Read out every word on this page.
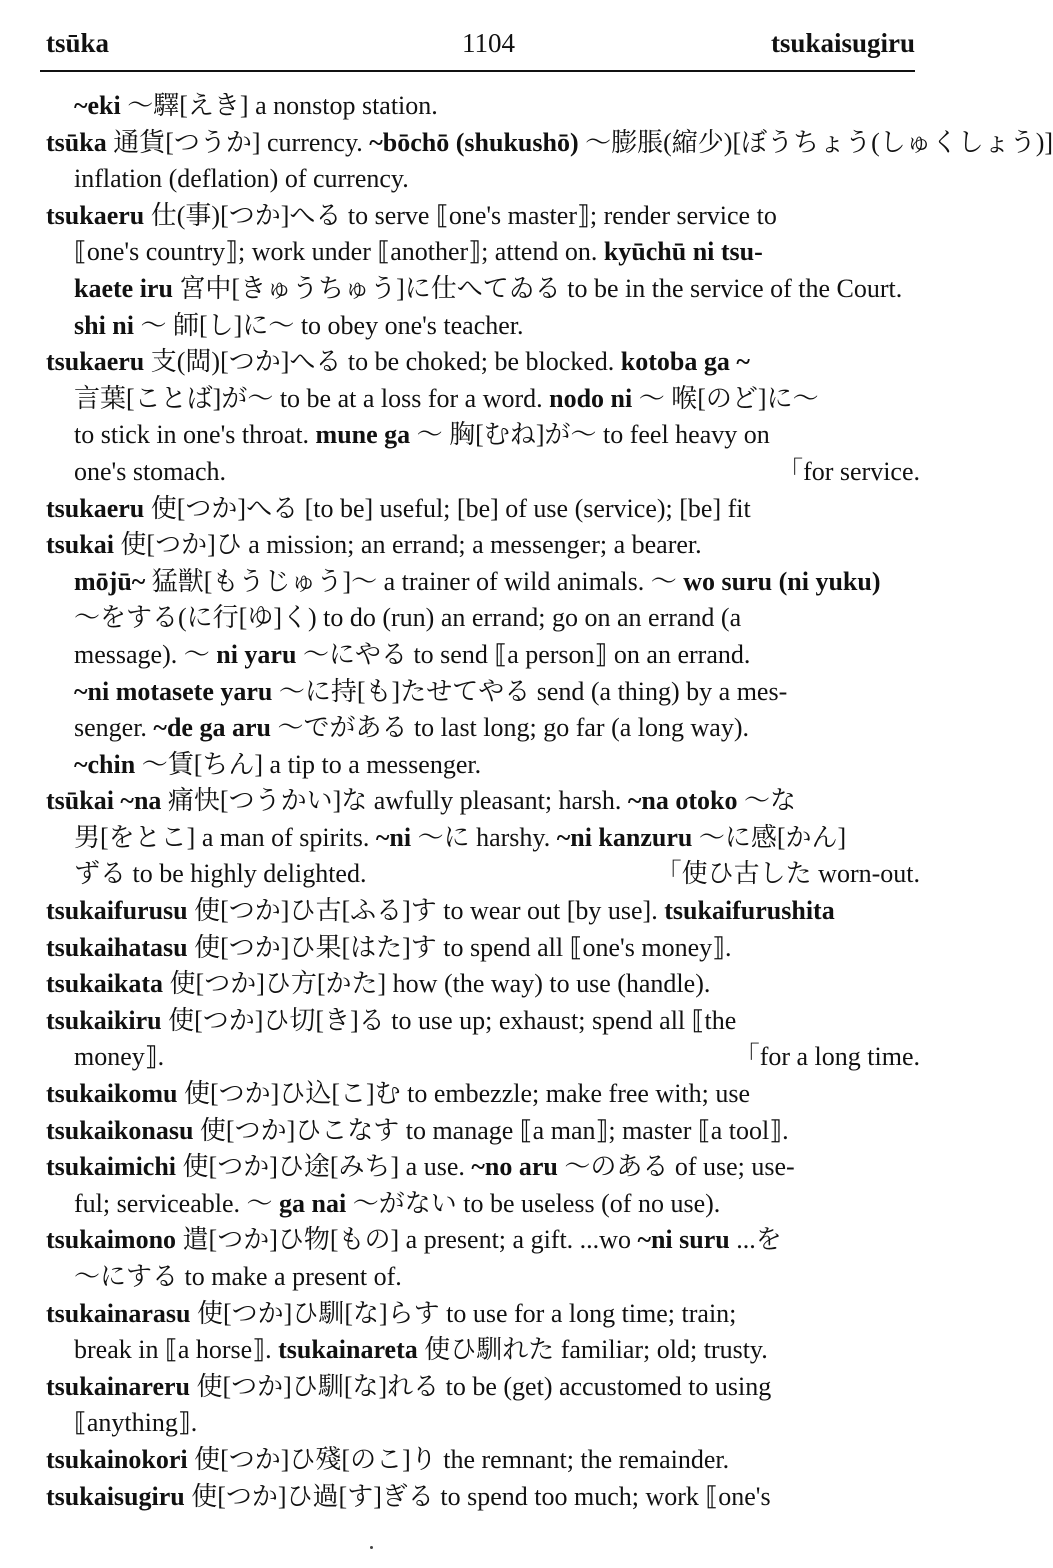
tsūka	1104	tsukaisugiru
~eki ～驛[えき] a nonstop station.
tsūka 通貨[つうか] currency. ~bōchō (shukushō) ～膨脹(縮少)[ぼうちょう(しゅくしょう)]
inflation (deflation) of currency.
tsukaeru 仕(事)[つか]へる to serve ⟦one's master⟧; render service to
⟦one's country⟧; work under ⟦another⟧; attend on. kyūchū ni tsu-
kaete iru 宮中[きゅうちゅう]に仕へてゐる to be in the service of the Court.
shi ni ～ 師[し]に～ to obey one's teacher.
tsukaeru 支(閊)[つか]へる to be choked; be blocked. kotoba ga ~
言葉[ことば]が～ to be at a loss for a word. nodo ni ～ 喉[のど]に～
to stick in one's throat. mune ga ～ 胸[むね]が～ to feel heavy on
「for service.
one's stomach.
tsukaeru 使[つか]へる [to be] useful; [be] of use (service); [be] fit
tsukai 使[つか]ひ a mission; an errand; a messenger; a bearer.
mōjū~ 猛獣[もうじゅう]～ a trainer of wild animals. ～ wo suru (ni yuku)
～をする(に行[ゆ]く) to do (run) an errand; go on an errand (a
message). ～ ni yaru ～にやる to send ⟦a person⟧ on an errand.
~ni motasete yaru ～に持[も]たせてやる send (a thing) by a mes-
senger. ~de ga aru ～でがある to last long; go far (a long way).
~chin ～賃[ちん] a tip to a messenger.
tsūkai ~na 痛快[つうかい]な awfully pleasant; harsh. ~na otoko ～な
男[をとこ] a man of spirits. ~ni ～に harshy. ~ni kanzuru ～に感[かん]
「使ひ古した worn-out.
ずる to be highly delighted.
tsukaifurusu 使[つか]ひ古[ふる]す to wear out [by use]. tsukaifurushita
tsukaihatasu 使[つか]ひ果[はた]す to spend all ⟦one's money⟧.
tsukaikata 使[つか]ひ方[かた] how (the way) to use (handle).
tsukaikiru 使[つか]ひ切[き]る to use up; exhaust; spend all ⟦the
「for a long time.
money⟧.
tsukaikomu 使[つか]ひ込[こ]む to embezzle; make free with; use
tsukaikonasu 使[つか]ひこなす to manage ⟦a man⟧; master ⟦a tool⟧.
tsukaimichi 使[つか]ひ途[みち] a use. ~no aru ～のある of use; use-
ful; serviceable. ～ ga nai ～がない to be useless (of no use).
tsukaimono 遣[つか]ひ物[もの] a present; a gift. ...wo ~ni suru ...を
～にする to make a present of.
tsukainarasu 使[つか]ひ馴[な]らす to use for a long time; train;
break in ⟦a horse⟧. tsukainareta 使ひ馴れた familiar; old; trusty.
tsukainareru 使[つか]ひ馴[な]れる to be (get) accustomed to using
⟦anything⟧.
tsukainokori 使[つか]ひ殘[のこ]り the remnant; the remainder.
tsukaisugiru 使[つか]ひ過[す]ぎる to spend too much; work ⟦one's
